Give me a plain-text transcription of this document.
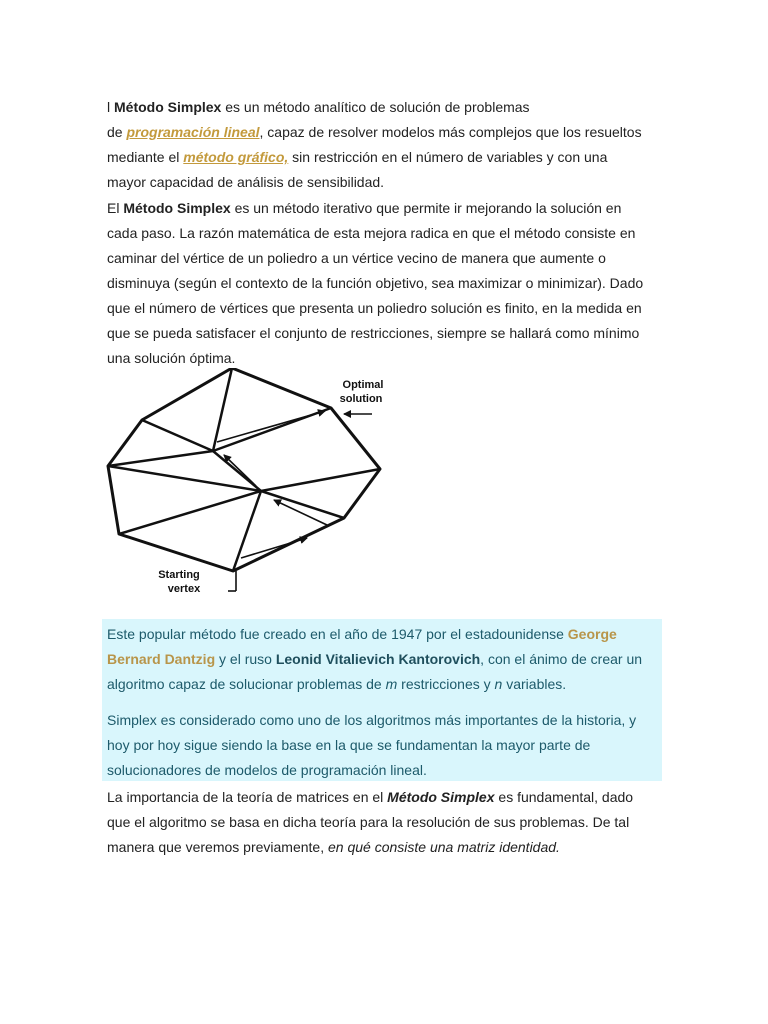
l Método Simplex es un método analítico de solución de problemas
de programación lineal, capaz de resolver modelos más complejos que los resueltos
mediante el método gráfico, sin restricción en el número de variables y con una
mayor capacidad de análisis de sensibilidad.

El Método Simplex es un método iterativo que permite ir mejorando la solución en
cada paso. La razón matemática de esta mejora radica en que el método consiste en
caminar del vértice de un poliedro a un vértice vecino de manera que aumente o
disminuya (según el contexto de la función objetivo, sea maximizar o minimizar). Dado
que el número de vértices que presenta un poliedro solución es finito, en la medida en
que se pueda satisfacer el conjunto de restricciones, siempre se hallará como mínimo
una solución óptima.

Optimal
solution
Starting
vertex

Este popular método fue creado en el año de 1947 por el estadounidense George
Bernard Dantzig y el ruso Leonid Vitalievich Kantorovich, con el ánimo de crear un
algoritmo capaz de solucionar problemas de m restricciones y n variables.

Simplex es considerado como uno de los algoritmos más importantes de la historia, y
hoy por hoy sigue siendo la base en la que se fundamentan la mayor parte de
solucionadores de modelos de programación lineal.

La importancia de la teoría de matrices en el Método Simplex es fundamental, dado
que el algoritmo se basa en dicha teoría para la resolución de sus problemas. De tal
manera que veremos previamente, en qué consiste una matriz identidad.
